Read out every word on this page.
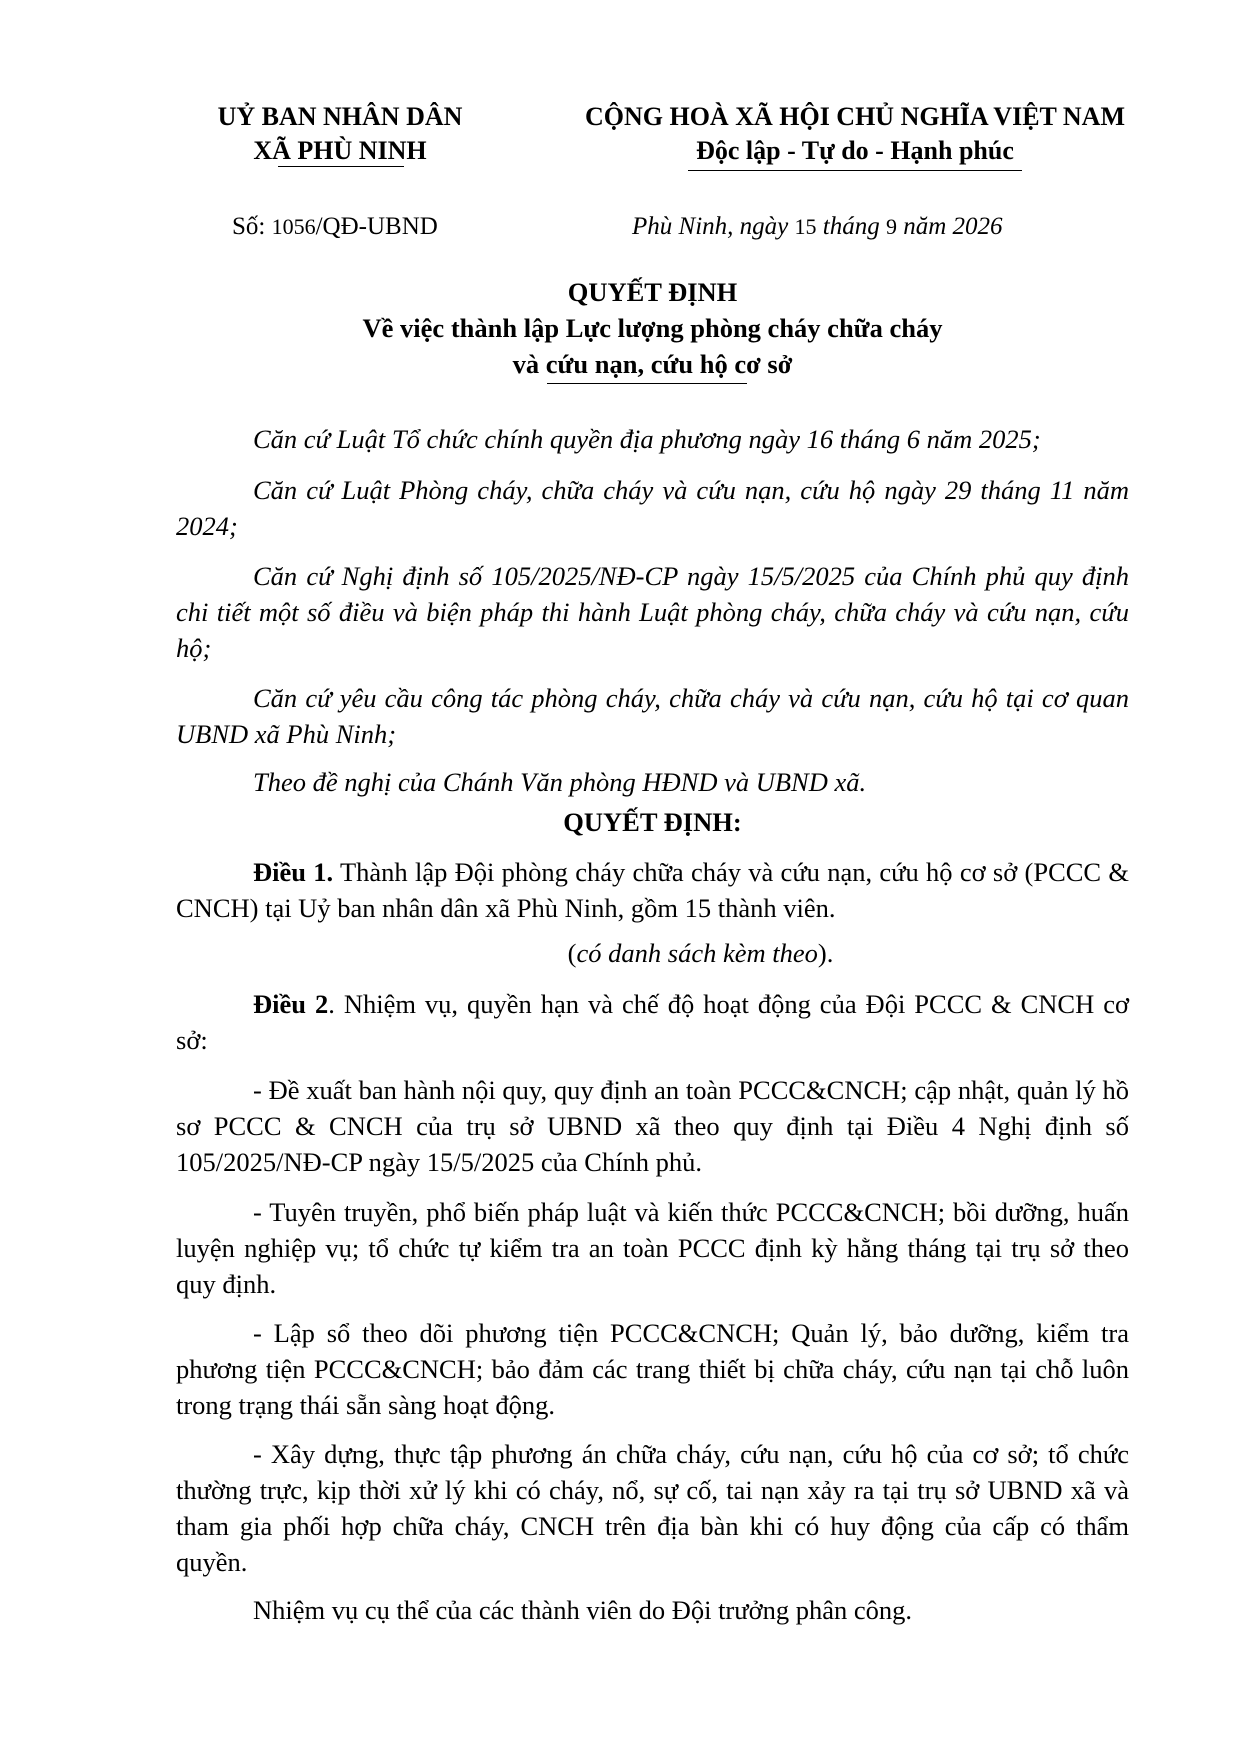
UỶ BAN NHÂN DÂN
XÃ PHÙ NINH
CỘNG HOÀ XÃ HỘI CHỦ NGHĨA VIỆT NAM
Độc lập - Tự do - Hạnh phúc
Số: 1056/QĐ-UBND	Phù Ninh, ngày 15 tháng 9 năm 2026
QUYẾT ĐỊNH
Về việc thành lập Lực lượng phòng cháy chữa cháy
và cứu nạn, cứu hộ cơ sở
Căn cứ Luật Tổ chức chính quyền địa phương ngày 16 tháng 6 năm 2025;
Căn cứ Luật Phòng cháy, chữa cháy và cứu nạn, cứu hộ ngày 29 tháng 11 năm 2024;
Căn cứ Nghị định số 105/2025/NĐ-CP ngày 15/5/2025 của Chính phủ quy định chi tiết một số điều và biện pháp thi hành Luật phòng cháy, chữa cháy và cứu nạn, cứu hộ;
Căn cứ yêu cầu công tác phòng cháy, chữa cháy và cứu nạn, cứu hộ tại cơ quan UBND xã Phù Ninh;
Theo đề nghị của Chánh Văn phòng HĐND và UBND xã.
QUYẾT ĐỊNH:
Điều 1. Thành lập Đội phòng cháy chữa cháy và cứu nạn, cứu hộ cơ sở (PCCC & CNCH) tại Uỷ ban nhân dân xã Phù Ninh, gồm 15 thành viên.
(có danh sách kèm theo).
Điều 2. Nhiệm vụ, quyền hạn và chế độ hoạt động của Đội PCCC & CNCH cơ sở:
- Đề xuất ban hành nội quy, quy định an toàn PCCC&CNCH; cập nhật, quản lý hồ sơ PCCC & CNCH của trụ sở UBND xã theo quy định tại Điều 4 Nghị định số 105/2025/NĐ-CP ngày 15/5/2025 của Chính phủ.
- Tuyên truyền, phổ biến pháp luật và kiến thức PCCC&CNCH; bồi dưỡng, huấn luyện nghiệp vụ; tổ chức tự kiểm tra an toàn PCCC định kỳ hằng tháng tại trụ sở theo quy định.
- Lập sổ theo dõi phương tiện PCCC&CNCH; Quản lý, bảo dưỡng, kiểm tra phương tiện PCCC&CNCH; bảo đảm các trang thiết bị chữa cháy, cứu nạn tại chỗ luôn trong trạng thái sẵn sàng hoạt động.
- Xây dựng, thực tập phương án chữa cháy, cứu nạn, cứu hộ của cơ sở; tổ chức thường trực, kịp thời xử lý khi có cháy, nổ, sự cố, tai nạn xảy ra tại trụ sở UBND xã và tham gia phối hợp chữa cháy, CNCH trên địa bàn khi có huy động của cấp có thẩm quyền.
Nhiệm vụ cụ thể của các thành viên do Đội trưởng phân công.
